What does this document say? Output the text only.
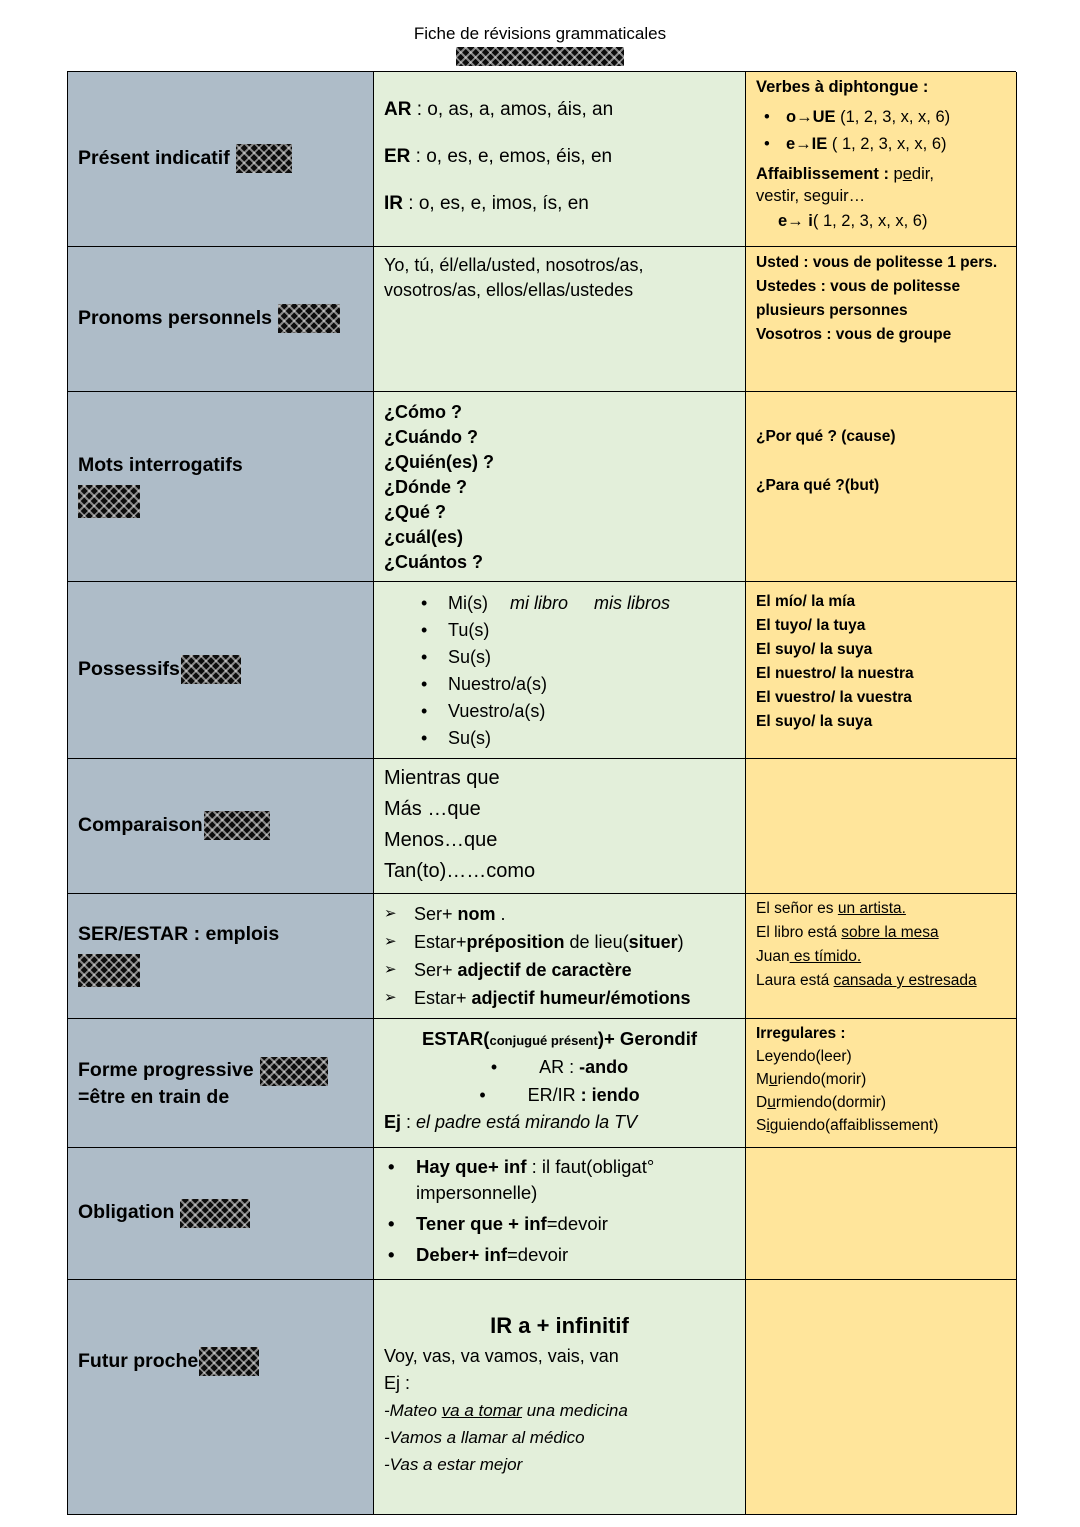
Fiche de révisions grammaticales
Présent indicatif

AR : o, as, a, amos, áis, an

ER : o, es, e, emos, éis, en

IR : o, es, e, imos, ís, en

Verbes à diphtongue :

• o→UE (1, 2, 3, x, x, 6)

• e→IE ( 1, 2, 3, x, x, 6)

Affaiblissement : pedir,

vestir, seguir…

e→ i( 1, 2, 3, x, x, 6)

Pronoms personnels

Yo, tú, él/ella/usted, nosotros/as, vosotros/as, ellos/ellas/ustedes

Usted : vous de politesse 1 pers.

Ustedes : vous de politesse plusieurs personnes

Vosotros : vous de groupe

Mots interrogatifs

¿Cómo ?

¿Cuándo ?

¿Quién(es) ?

¿Dónde ?

¿Qué ?

¿cuál(es)

¿Cuántos ?

¿Por qué ? (cause)

¿Para qué ?(but)

Possessifs

• Mi(s) mi libro mis libros

• Tu(s)

• Su(s)

• Nuestro/a(s)

• Vuestro/a(s)

• Su(s)

El mío/ la mía

El tuyo/ la tuya

El suyo/ la suya

El nuestro/ la nuestra

El vuestro/ la vuestra

El suyo/ la suya

Comparaison

Mientras que

Más …que

Menos…que

Tan(to)……como

SER/ESTAR : emplois

➢ Ser+ nom .

➢ Estar+préposition de lieu(situer)

➢ Ser+ adjectif de caractère

➢ Estar+ adjectif humeur/émotions

El señor es un artista.

El libro está sobre la mesa

Juan es tímido.

Laura está cansada y estresada

Forme progressive
=être en train de

ESTAR(conjugué présent)+ Gerondif

• AR : -ando

• ER/IR : iendo

Ej : el padre está mirando la TV

Irregulares :

Leyendo(leer)

Muriendo(morir)

Durmiendo(dormir)

Siguiendo(affaiblissement)

Obligation

• Hay que+ inf : il faut(obligat° impersonnelle)

• Tener que + inf=devoir

• Deber+ inf=devoir

Futur proche

IR a + infinitif

Voy, vas, va vamos, vais, van

Ej :

-Mateo va a tomar una medicina

-Vamos a llamar al médico

-Vas a estar mejor
